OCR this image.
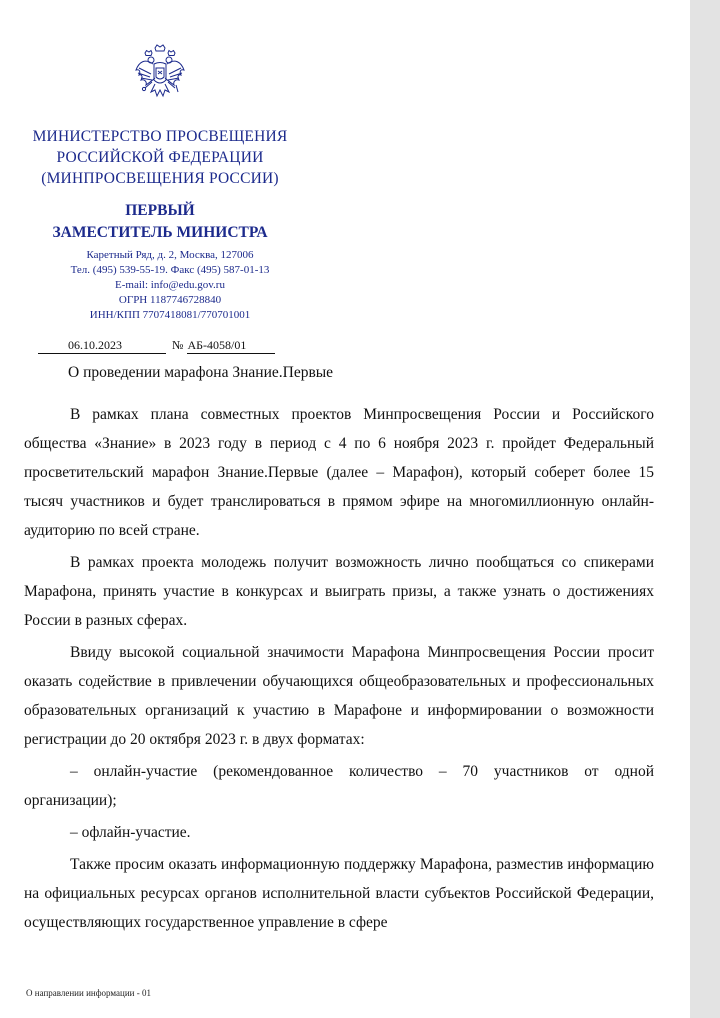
МИНИСТЕРСТВО ПРОСВЕЩЕНИЯ
РОССИЙСКОЙ ФЕДЕРАЦИИ
(МИНПРОСВЕЩЕНИЯ РОССИИ)
ПЕРВЫЙ
ЗАМЕСТИТЕЛЬ МИНИСТРА
Каретный Ряд, д. 2, Москва, 127006
Тел. (495) 539-55-19. Факс (495) 587-01-13
E-mail: info@edu.gov.ru
ОГРН 1187746728840
ИНН/КПП 7707418081/770701001
06.10.2023	№ АБ-4058/01
О проведении марафона Знание.Первые

В рамках плана совместных проектов Минпросвещения России и Российского общества «Знание» в 2023 году в период с 4 по 6 ноября 2023 г. пройдет Федеральный просветительский марафон Знание.Первые (далее – Марафон), который соберет более 15 тысяч участников и будет транслироваться в прямом эфире на многомиллионную онлайн-аудиторию по всей стране.

В рамках проекта молодежь получит возможность лично пообщаться со спикерами Марафона, принять участие в конкурсах и выиграть призы, а также узнать о достижениях России в разных сферах.

Ввиду высокой социальной значимости Марафона Минпросвещения России просит оказать содействие в привлечении обучающихся общеобразовательных и профессиональных образовательных организаций к участию в Марафоне и информировании о возможности регистрации до 20 октября 2023 г. в двух форматах:

– онлайн-участие (рекомендованное количество – 70 участников от одной организации);

– офлайн-участие.

Также просим оказать информационную поддержку Марафона, разместив информацию на официальных ресурсах органов исполнительной власти субъектов Российской Федерации, осуществляющих государственное управление в сфере

О направлении информации - 01
